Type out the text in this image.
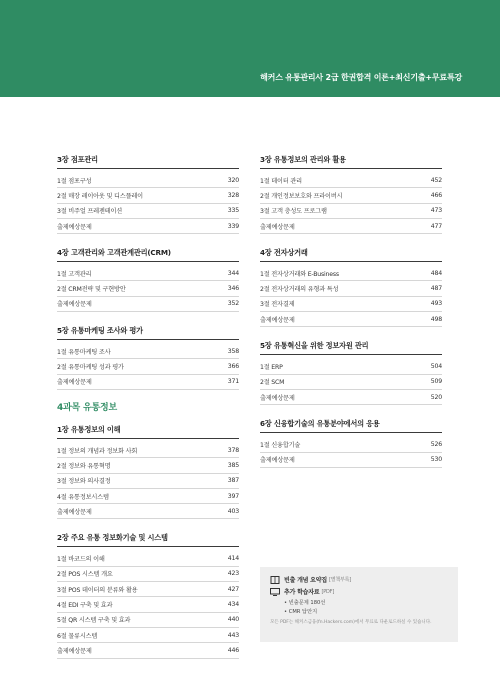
해커스 유통관리사 2급 한권합격 이론+최신기출+무료특강
3장 점포관리
1절 점포구성	320
2절 매장 레이아웃 및 디스플레이	328
3절 비주얼 프레젠테이션	335
출제예상문제	339
4장 고객관리와 고객관계관리(CRM)
1절 고객관리	344
2절 CRM전략 및 구현방안	346
출제예상문제	352
5장 유통마케팅 조사와 평가
1절 유통마케팅 조사	358
2절 유통마케팅 성과 평가	366
출제예상문제	371
4과목 유통정보
1장 유통정보의 이해
1절 정보의 개념과 정보화 사회	378
2절 정보와 유통혁명	385
3절 정보와 의사결정	387
4절 유통정보시스템	397
출제예상문제	403
2장 주요 유통 정보화기술 및 시스템
1절 바코드의 이해	414
2절 POS 시스템 개요	423
3절 POS 데이터의 분류와 활용	427
4절 EDI 구축 및 효과	434
5절 QR 시스템 구축 및 효과	440
6절 물류시스템	443
출제예상문제	446
3장 유통정보의 관리와 활용
1절 데이터 관리	452
2절 개인정보보호와 프라이버시	466
3절 고객 충성도 프로그램	473
출제예상문제	477
4장 전자상거래
1절 전자상거래와 E-Business	484
2절 전자상거래의 유형과 특성	487
3절 전자결제	493
출제예상문제	498
5장 유통혁신을 위한 정보자원 관리
1절 ERP	504
2절 SCM	509
출제예상문제	520
6장 신융합기술의 유통분야에서의 응용
1절 신융합기술	526
출제예상문제	530
빈출 개념 요약집 [별책부록]
추가 학습자료 [PDF]
• 빈출문제 180선
• CMR 답안지
모든 PDF는 해커스금융(fn.Hackers.com)에서 무료로 다운로드하실 수 있습니다.
